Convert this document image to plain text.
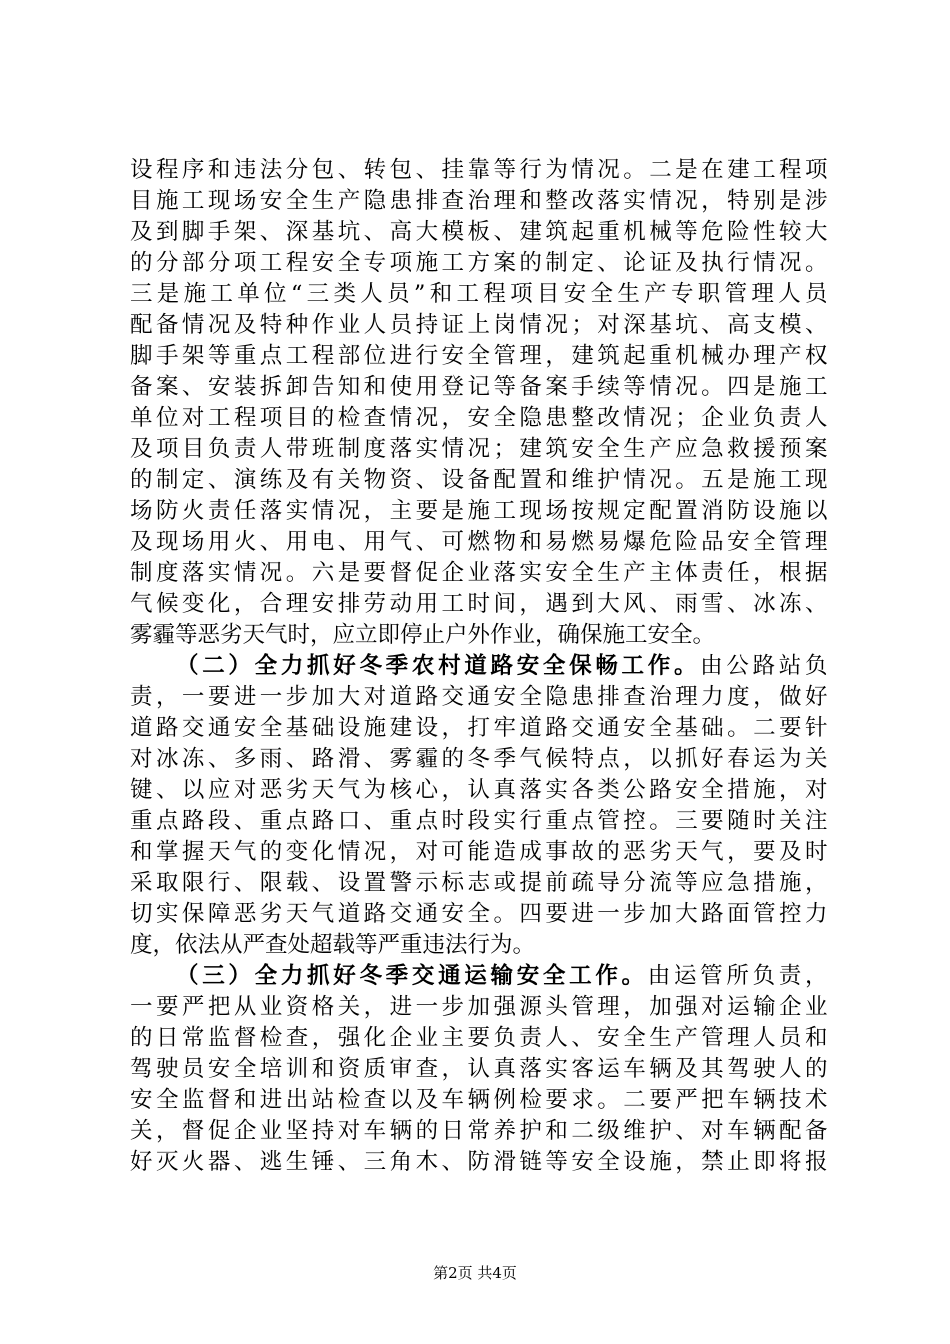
设程序和违法分包、转包、挂靠等行为情况。二是在建工程项
目施工现场安全生产隐患排查治理和整改落实情况，特别是涉
及到脚手架、深基坑、高大模板、建筑起重机械等危险性较大
的分部分项工程安全专项施工方案的制定、论证及执行情况。
三是施工单位“三类人员”和工程项目安全生产专职管理人员
配备情况及特种作业人员持证上岗情况；对深基坑、高支模、
脚手架等重点工程部位进行安全管理，建筑起重机械办理产权
备案、安装拆卸告知和使用登记等备案手续等情况。四是施工
单位对工程项目的检查情况，安全隐患整改情况；企业负责人
及项目负责人带班制度落实情况；建筑安全生产应急救援预案
的制定、演练及有关物资、设备配置和维护情况。五是施工现
场防火责任落实情况，主要是施工现场按规定配置消防设施以
及现场用火、用电、用气、可燃物和易燃易爆危险品安全管理
制度落实情况。六是要督促企业落实安全生产主体责任，根据
气候变化，合理安排劳动用工时间，遇到大风、雨雪、冰冻、
雾霾等恶劣天气时，应立即停止户外作业，确保施工安全。
（二）全力抓好冬季农村道路安全保畅工作。由公路站负
责，一要进一步加大对道路交通安全隐患排查治理力度，做好
道路交通安全基础设施建设，打牢道路交通安全基础。二要针
对冰冻、多雨、路滑、雾霾的冬季气候特点，以抓好春运为关
键、以应对恶劣天气为核心，认真落实各类公路安全措施，对
重点路段、重点路口、重点时段实行重点管控。三要随时关注
和掌握天气的变化情况，对可能造成事故的恶劣天气，要及时
采取限行、限载、设置警示标志或提前疏导分流等应急措施，
切实保障恶劣天气道路交通安全。四要进一步加大路面管控力
度，依法从严查处超载等严重违法行为。
（三）全力抓好冬季交通运输安全工作。由运管所负责，
一要严把从业资格关，进一步加强源头管理，加强对运输企业
的日常监督检查，强化企业主要负责人、安全生产管理人员和
驾驶员安全培训和资质审查，认真落实客运车辆及其驾驶人的
安全监督和进出站检查以及车辆例检要求。二要严把车辆技术
关，督促企业坚持对车辆的日常养护和二级维护、对车辆配备
好灭火器、逃生锤、三角木、防滑链等安全设施，禁止即将报
第2页 共4页
